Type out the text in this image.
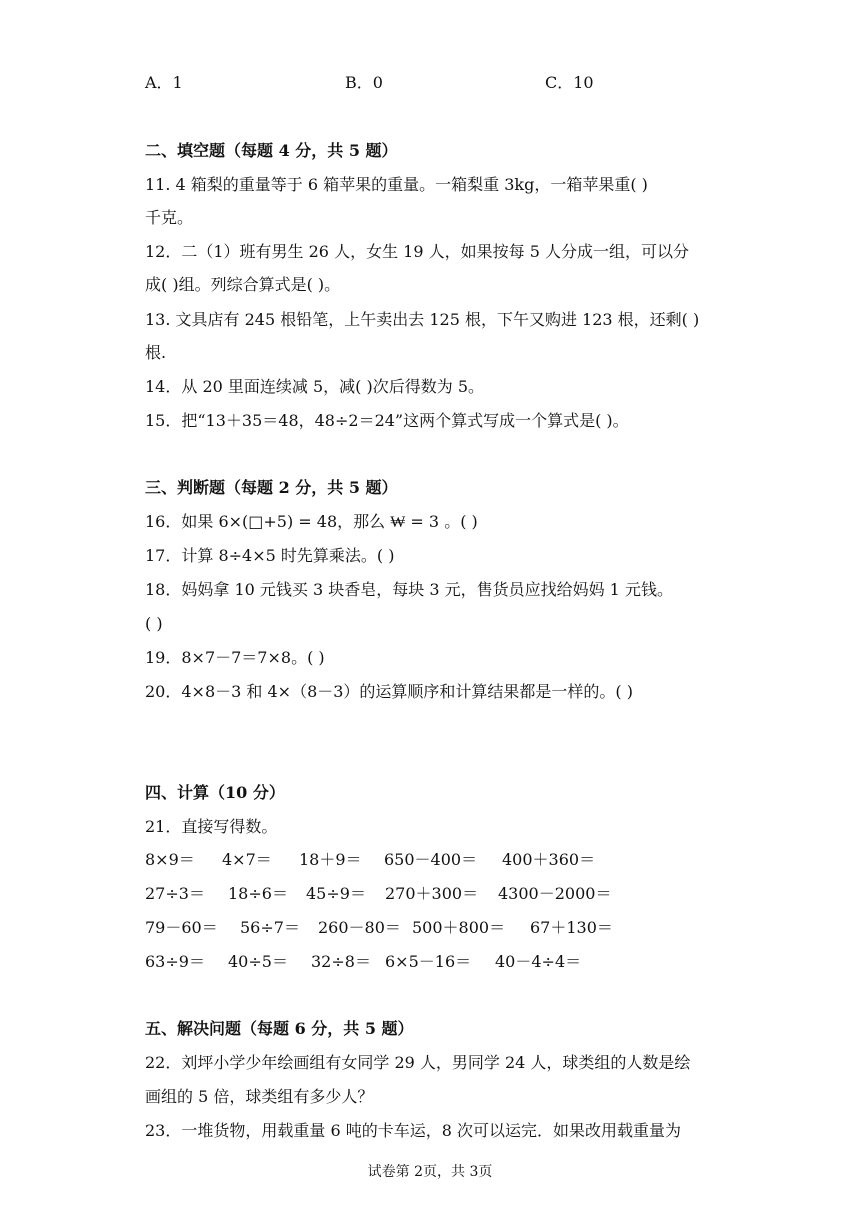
A．1	B．0	C．10
二、填空题（每题 4 分，共 5 题）
11. 4 箱梨的重量等于 6 箱苹果的重量。一箱梨重 3kg，一箱苹果重( )
千克。
12．二（1）班有男生 26 人，女生 19 人，如果按每 5 人分成一组，可以分
成( )组。列综合算式是( )。
13. 文具店有 245 根铅笔，上午卖出去 125 根，下午又购进 123 根，还剩( )
根.
14．从 20 里面连续减 5，减( )次后得数为 5。
15．把“13＋35＝48，48÷2＝24”这两个算式写成一个算式是( )。
三、判断题（每题 2 分，共 5 题）
16．如果 6×(□+5) = 48，那么 ₩ = 3 。( )
17．计算 8÷4×5 时先算乘法。( )
18．妈妈拿 10 元钱买 3 块香皂，每块 3 元，售货员应找给妈妈 1 元钱。
( )
19．8×7－7＝7×8。( )
20．4×8－3 和 4×（8－3）的运算顺序和计算结果都是一样的。( )
四、计算（10 分）
21．直接写得数。
8×9＝ 4×7＝ 18＋9＝ 650－400＝ 400＋360＝
27÷3＝ 18÷6＝ 45÷9＝ 270＋300＝ 4300－2000＝
79－60＝ 56÷7＝ 260－80＝ 500＋800＝ 67＋130＝
63÷9＝ 40÷5＝ 32÷8＝ 6×5－16＝ 40－4÷4＝
五、解决问题（每题 6 分，共 5 题）
22．刘坪小学少年绘画组有女同学 29 人，男同学 24 人，球类组的人数是绘
画组的 5 倍，球类组有多少人？
23．一堆货物，用载重量 6 吨的卡车运，8 次可以运完．如果改用载重量为
试卷第 2页，共 3页
